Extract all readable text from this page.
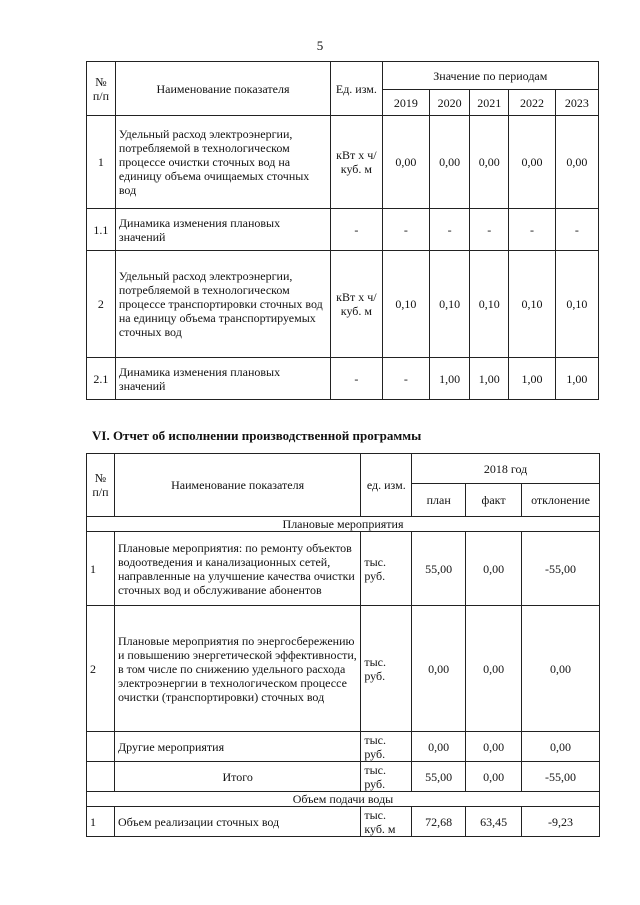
5
№ п/п	Наименование показателя	Ед. изм.	Значение по периодам				
			2019	2020	2021	2022	2023
1	Удельный расход электроэнергии, потребляемой в технологическом процессе очистки сточных вод на единицу объема очищаемых сточных вод	кВт х ч/куб. м	0,00	0,00	0,00	0,00	0,00
1.1	Динамика изменения плановых значений	-	-	-	-	-	-
2	Удельный расход электроэнергии, потребляемой в технологическом процессе транспортировки сточных вод на единицу объема транспортируемых сточных вод	кВт х ч/куб. м	0,10	0,10	0,10	0,10	0,10
2.1	Динамика изменения плановых значений	-	-	1,00	1,00	1,00	1,00
VI. Отчет об исполнении производственной программы
№ п/п	Наименование показателя	ед. изм.	2018 год		
			план	факт	отклонение
Плановые мероприятия					
1	Плановые мероприятия: по ремонту объектов водоотведения и канализационных сетей, направленные на улучшение качества очистки сточных вод и обслуживание абонентов	тыс. руб.	55,00	0,00	-55,00
2	Плановые мероприятия по энергосбережению и повышению энергетической эффективности, в том числе по снижению удельного расхода электроэнергии в технологическом процессе очистки (транспортировки) сточных вод	тыс. руб.	0,00	0,00	0,00
	Другие мероприятия	тыс. руб.	0,00	0,00	0,00
	Итого	тыс. руб.	55,00	0,00	-55,00
Объем подачи воды					
1	Объем реализации сточных вод	тыс. куб. м	72,68	63,45	-9,23
